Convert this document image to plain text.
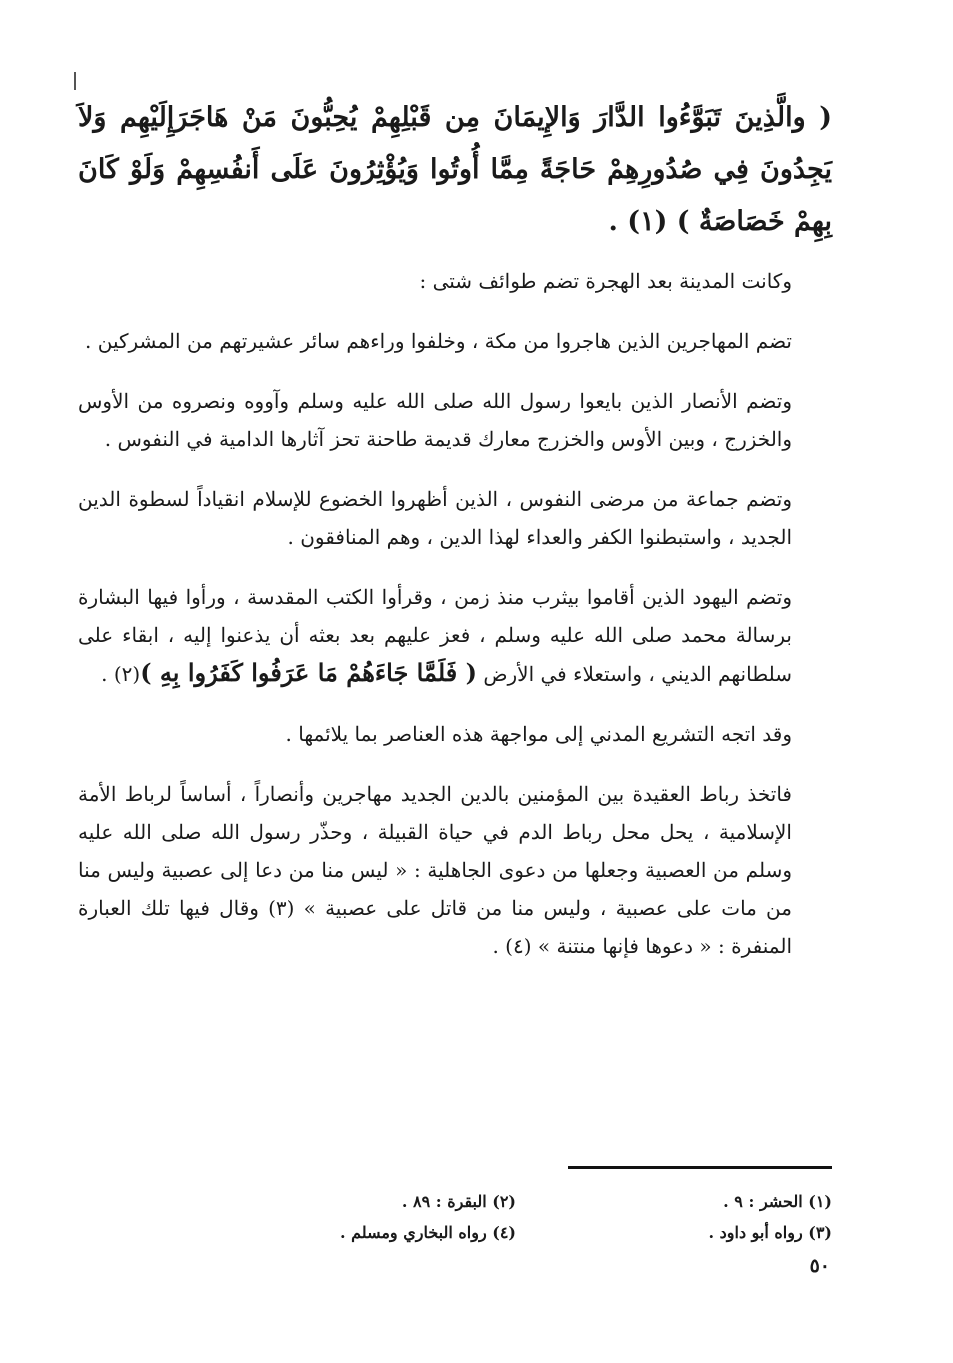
( والَّذِينَ تَبَوَّءُوا الدَّارَ وَالإِيمَانَ مِن قَبْلِهِمْ يُحِبُّونَ مَنْ هَاجَرَإِلَيْهِم وَلاَ يَجِدُونَ فِي صُدُورِهِمْ حَاجَةً مِمَّا أُوتُوا وَيُؤْثِرُونَ عَلَى أَنفُسِهِمْ وَلَوْ كَانَ بِهِمْ خَصَاصَةٌ ) (١) .

وكانت المدينة بعد الهجرة تضم طوائف شتى :

تضم المهاجرين الذين هاجروا من مكة ، وخلفوا وراءهم سائر عشيرتهم من المشركين .

وتضم الأنصار الذين بايعوا رسول الله صلى الله عليه وسلم وآووه ونصروه من الأوس والخزرج ، وبين الأوس والخزرج معارك قديمة طاحنة تحز آثارها الدامية في النفوس .

وتضم جماعة من مرضى النفوس ، الذين أظهروا الخضوع للإسلام انقياداً لسطوة الدين الجديد ، واستبطنوا الكفر والعداء لهذا الدين ، وهم المنافقون .

وتضم اليهود الذين أقاموا بيثرب منذ زمن ، وقرأوا الكتب المقدسة ، ورأوا فيها البشارة برسالة محمد صلى الله عليه وسلم ، فعز عليهم بعد بعثه أن يذعنوا إليه ، ابقاء على سلطانهم الديني ، واستعلاء في الأرض ( فَلَمَّا جَاءَهُمْ مَا عَرَفُوا كَفَرُوا بِهِ )(٢) .

وقد اتجه التشريع المدني إلى مواجهة هذه العناصر بما يلائمها .

فاتخذ رباط العقيدة بين المؤمنين بالدين الجديد مهاجرين وأنصاراً ، أساساً لرباط الأمة الإسلامية ، يحل محل رباط الدم في حياة القبيلة ، وحذّر رسول الله صلى الله عليه وسلم من العصبية وجعلها من دعوى الجاهلية : « ليس منا من دعا إلى عصبية وليس منا من مات على عصبية ، وليس منا من قاتل على عصبية » (٣) وقال فيها تلك العبارة المنفرة : « دعوها فإنها منتنة » (٤) .

(١) الحشر : ٩ .
(٢) البقرة : ٨٩ .
(٣) رواه أبو داود .
(٤) رواه البخاري ومسلم .
٥٠
